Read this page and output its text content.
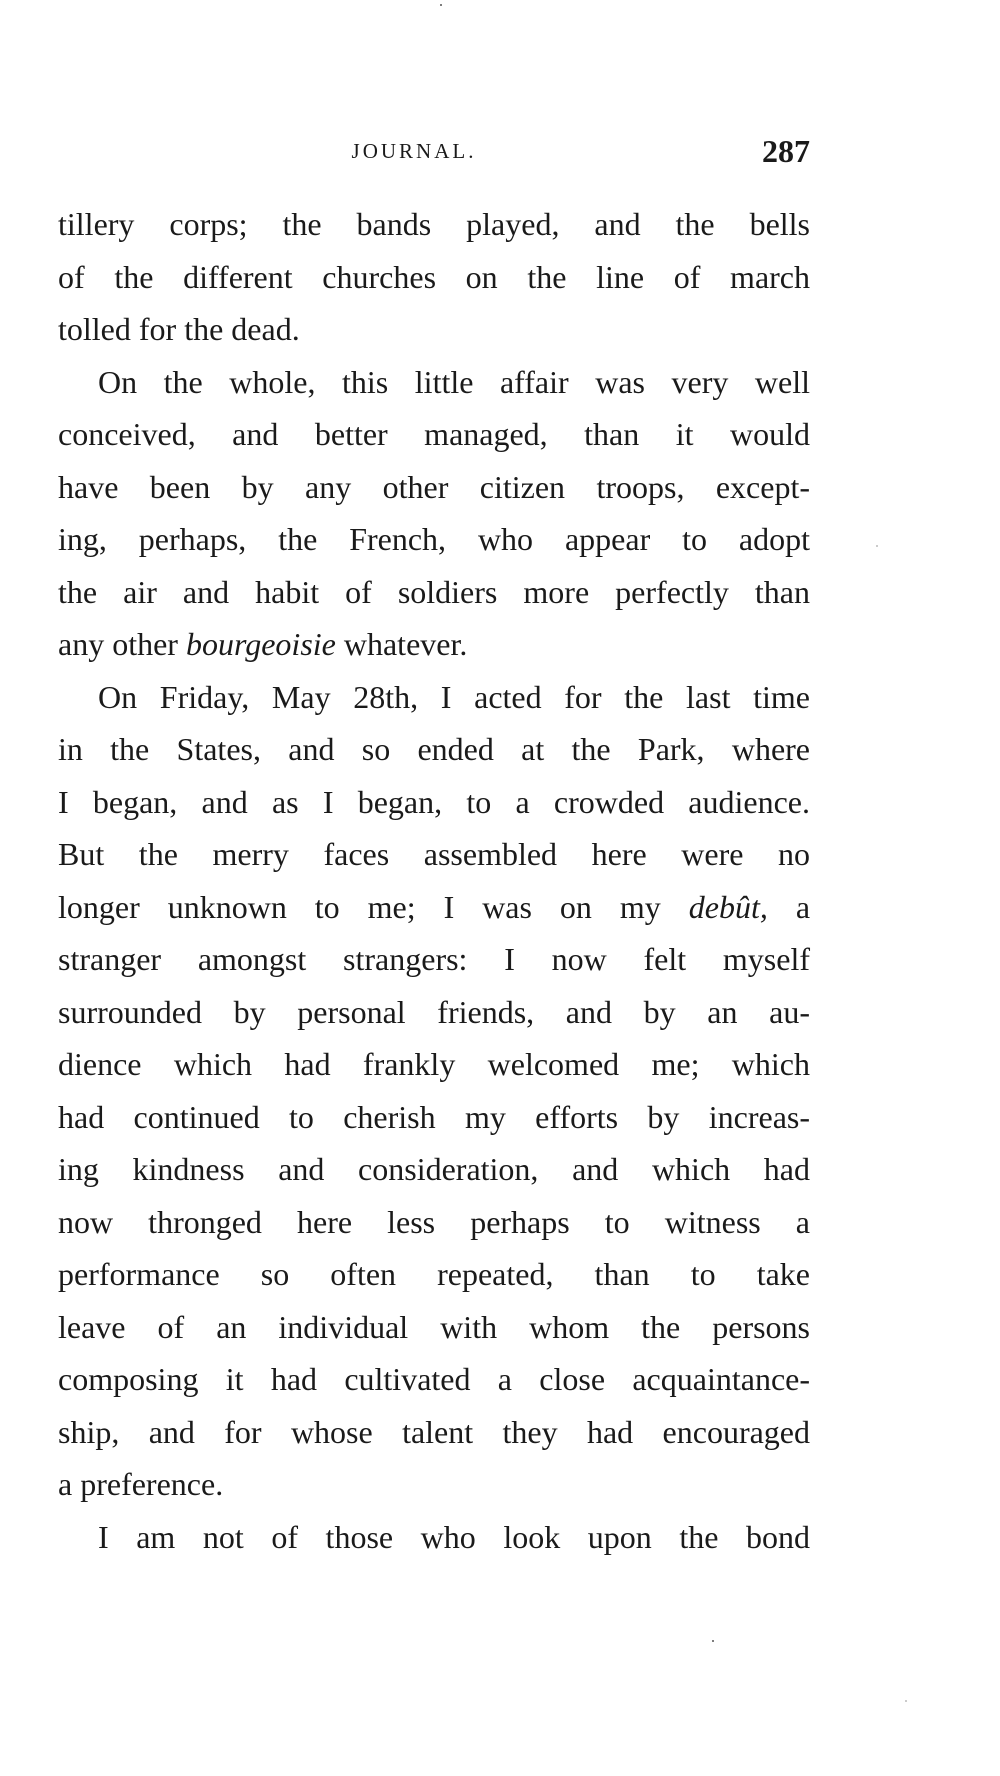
JOURNAL.	287
tillery corps; the bands played, and the bells
of the different churches on the line of march
tolled for the dead.
On the whole, this little affair was very well
conceived, and better managed, than it would
have been by any other citizen troops, except-
ing, perhaps, the French, who appear to adopt
the air and habit of soldiers more perfectly than
any other bourgeoisie whatever.
On Friday, May 28th, I acted for the last time
in the States, and so ended at the Park, where
I began, and as I began, to a crowded audience.
But the merry faces assembled here were no
longer unknown to me; I was on my debût, a
stranger amongst strangers: I now felt myself
surrounded by personal friends, and by an au-
dience which had frankly welcomed me; which
had continued to cherish my efforts by increas-
ing kindness and consideration, and which had
now thronged here less perhaps to witness a
performance so often repeated, than to take
leave of an individual with whom the persons
composing it had cultivated a close acquaintance-
ship, and for whose talent they had encouraged
a preference.
I am not of those who look upon the bond
